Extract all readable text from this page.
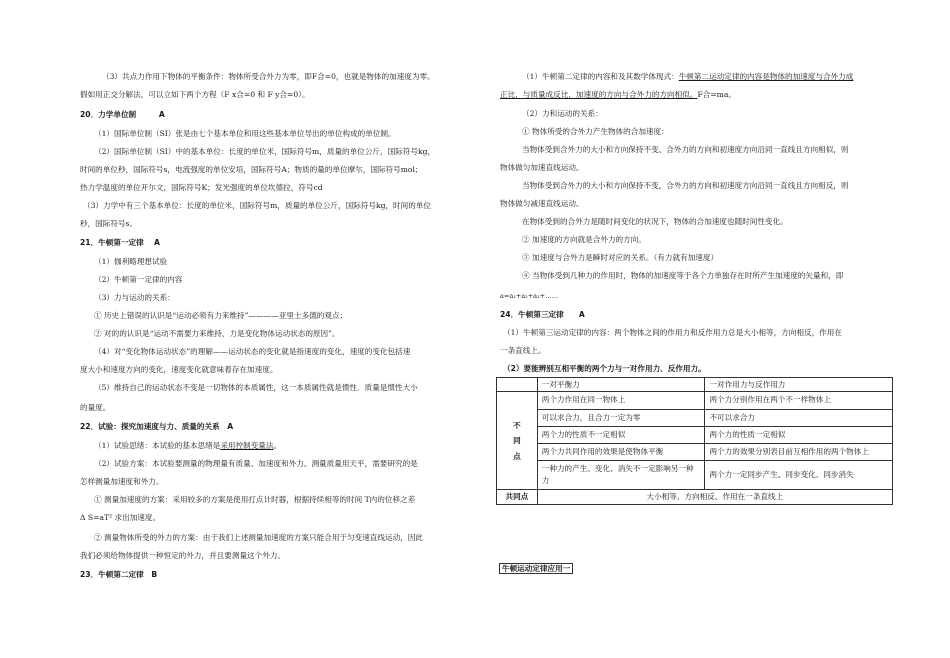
（3）共点力作用下物体的平衡条件：物体所受合外力为零，即F合=0，也就是物体的加速度为零。
假如用正交分解法，可以立如下两个方程（F x合=0 和 F y合=0）。
20．力学单位制　　　A
（1）国际单位制（SI）张是由七个基本单位和用这些基本单位导出的单位构成的单位制。
（2）国际单位制（SI）中的基本单位：长度的单位米，国际符号m，质量的单位公斤，国际符号kg，
时间的单位秒，国际符号s，电流强度的单位安培，国际符号A；物质的量的单位摩尔，国际符号mol；
热力学温度的单位开尔文，国际符号K；发光强度的单位坎德拉，符号cd
（3）力学中有三个基本单位：长度的单位米，国际符号m，质量的单位公斤，国际符号kg，时间的单位
秒，国际符号s。
21．牛顿第一定律　 A
（1）伽利略理想试验
（2）牛顿第一定律的内容
（3）力与运动的关系：
① 历史上错误的认识是“运动必须有力来维持”————亚里士多德的观点；
② 对的的认识是“运动不需要力来维持，力是变化物体运动状态的原因”。
（4）对“变化物体运动状态”的理解——运动状态的变化就是指速度的变化，速度的变化包括速
度大小和速度方向的变化，速度变化就意味着存在加速度。
（5）维持自己的运动状态不变是一切物体的本质属性，这一本质属性就是惯性．质量是惯性大小
的量度。
22．试验：探究加速度与力、质量的关系　A
（1）试验思绪：本试验的基本思绪是采用控制变量法。
（2）试验方案：本试验要测量的物理量有质量、加速度和外力。测量质量用天平，需要研究的是
怎样测量加速度和外力。
① 测量加速度的方案：采用较多的方案是使用打点计时器，根据持续相等的时间 T内的位移之差
Δ S=aT² 求出加速度。
② 测量物体所受的外力的方案：由于我们上述测量加速度的方案只能合用于匀变速直线运动，因此
我们必须给物体提供一种恒定的外力，并且要测量这个外力。
23．牛顿第二定律　B
（1）牛顿第二定律的内容和及其数学体现式：牛顿第二运动定律的内容是物体的加速度与合外力成
正比，与质量成反比，加速度的方向与合外力的方向相似。F合=ma。
（2）力和运动的关系：
① 物体所受的合外力产生物体的合加速度：
当物体受到合外力的大小和方向保持不变、合外力的方向和初速度方向沿同一直线且方向相似，则
物体做匀加速直线运动。
当物体受到合外力的大小和方向保持不变，合外力的方向和初速度方向沿同一直线且方向相反，则
物体做匀减速直线运动。
在物体受到的合外力是随时间变化的状况下，物体的合加速度也随时间性变化。
② 加速度的方向就是合外力的方向。
③ 加速度与合外力是瞬时对应的关系。（有力就有加速度）
④ 当物体受到几种力的作用时，物体的加速度等于各个力单独存在时所产生加速度的矢量和，即
a=a₁+a₂+a₃+……
24．牛顿第三定律　　A
（1）牛顿第三运动定律的内容：两个物体之间的作用力和反作用力总是大小相等，方向相反，作用在
一条直线上。
（2）要能辨别互相平衡的两个力与一对作用力、反作用力。
	一对平衡力	一对作用力与反作用力
不
同
点	两个力作用在同一物体上	两个力分别作用在两个不一样物体上
	可以求合力，且合力一定为零	不可以求合力
	两个力的性质不一定相似	两个力的性质一定相似
	两个力共同作用的效果是使物体平衡	两个力的效果分别表目前互相作用的两个物体上
	一种力的产生、变化、消失不一定影响另一种力	两个力一定同步产生、同步变化、同步消失
共同点	大小相等、方向相反、作用在一条直线上	
牛顿运动定律应用一
